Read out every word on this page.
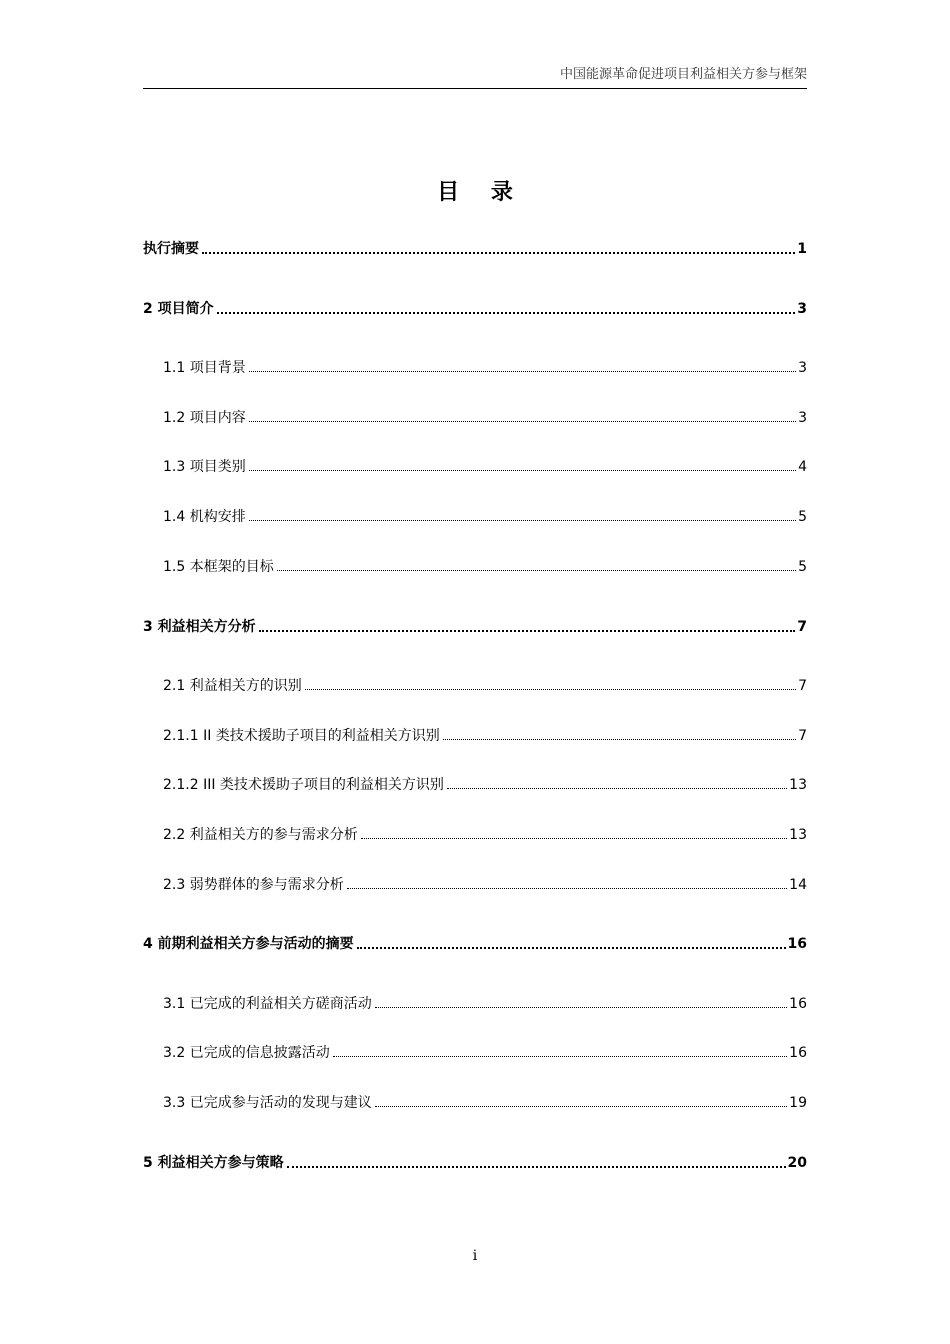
中国能源革命促进项目利益相关方参与框架
目 录
执行摘要	1
2 项目简介	3
1.1 项目背景	3
1.2 项目内容	3
1.3 项目类别	4
1.4 机构安排	5
1.5 本框架的目标	5
3 利益相关方分析	7
2.1 利益相关方的识别	7
2.1.1 II 类技术援助子项目的利益相关方识别	7
2.1.2 III 类技术援助子项目的利益相关方识别	13
2.2 利益相关方的参与需求分析	13
2.3 弱势群体的参与需求分析	14
4 前期利益相关方参与活动的摘要	16
3.1 已完成的利益相关方磋商活动	16
3.2 已完成的信息披露活动	16
3.3 已完成参与活动的发现与建议	19
5 利益相关方参与策略	20
i
